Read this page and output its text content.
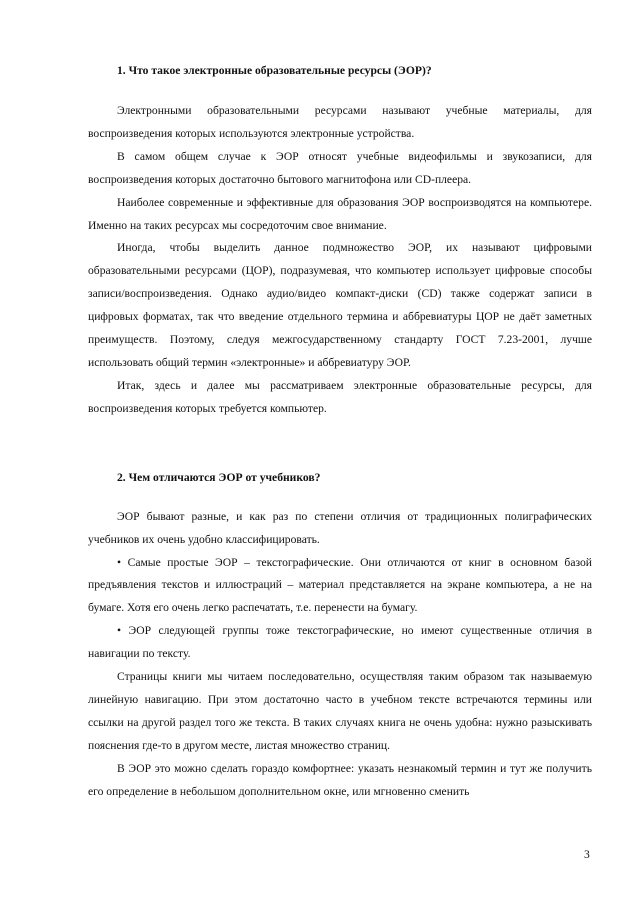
1. Что такое электронные образовательные ресурсы (ЭОР)?

Электронными образовательными ресурсами называют учебные материалы, для воспроизведения которых используются электронные устройства.

В самом общем случае к ЭОР относят учебные видеофильмы и звукозаписи, для воспроизведения которых достаточно бытового магнитофона или CD-плеера.

Наиболее современные и эффективные для образования ЭОР воспроизводятся на компьютере. Именно на таких ресурсах мы сосредоточим свое внимание.

Иногда, чтобы выделить данное подмножество ЭОР, их называют цифровыми образовательными ресурсами (ЦОР), подразумевая, что компьютер использует цифровые способы записи/воспроизведения. Однако аудио/видео компакт-диски (CD) также содержат записи в цифровых форматах, так что введение отдельного термина и аббревиатуры ЦОР не даёт заметных преимуществ. Поэтому, следуя межгосударственному стандарту ГОСТ 7.23-2001, лучше использовать общий термин «электронные» и аббревиатуру ЭОР.

Итак, здесь и далее мы рассматриваем электронные образовательные ресурсы, для воспроизведения которых требуется компьютер.

2. Чем отличаются ЭОР от учебников?

ЭОР бывают разные, и как раз по степени отличия от традиционных полиграфических учебников их очень удобно классифицировать.

• Самые простые ЭОР – текстографические. Они отличаются от книг в основном базой предъявления текстов и иллюстраций – материал представляется на экране компьютера, а не на бумаге. Хотя его очень легко распечатать, т.е. перенести на бумагу.

• ЭОР следующей группы тоже текстографические, но имеют существенные отличия в навигации по тексту.

Страницы книги мы читаем последовательно, осуществляя таким образом так называемую линейную навигацию. При этом достаточно часто в учебном тексте встречаются термины или ссылки на другой раздел того же текста. В таких случаях книга не очень удобна: нужно разыскивать пояснения где-то в другом месте, листая множество страниц.

В ЭОР это можно сделать гораздо комфортнее: указать незнакомый термин и тут же получить его определение в небольшом дополнительном окне, или мгновенно сменить

3
